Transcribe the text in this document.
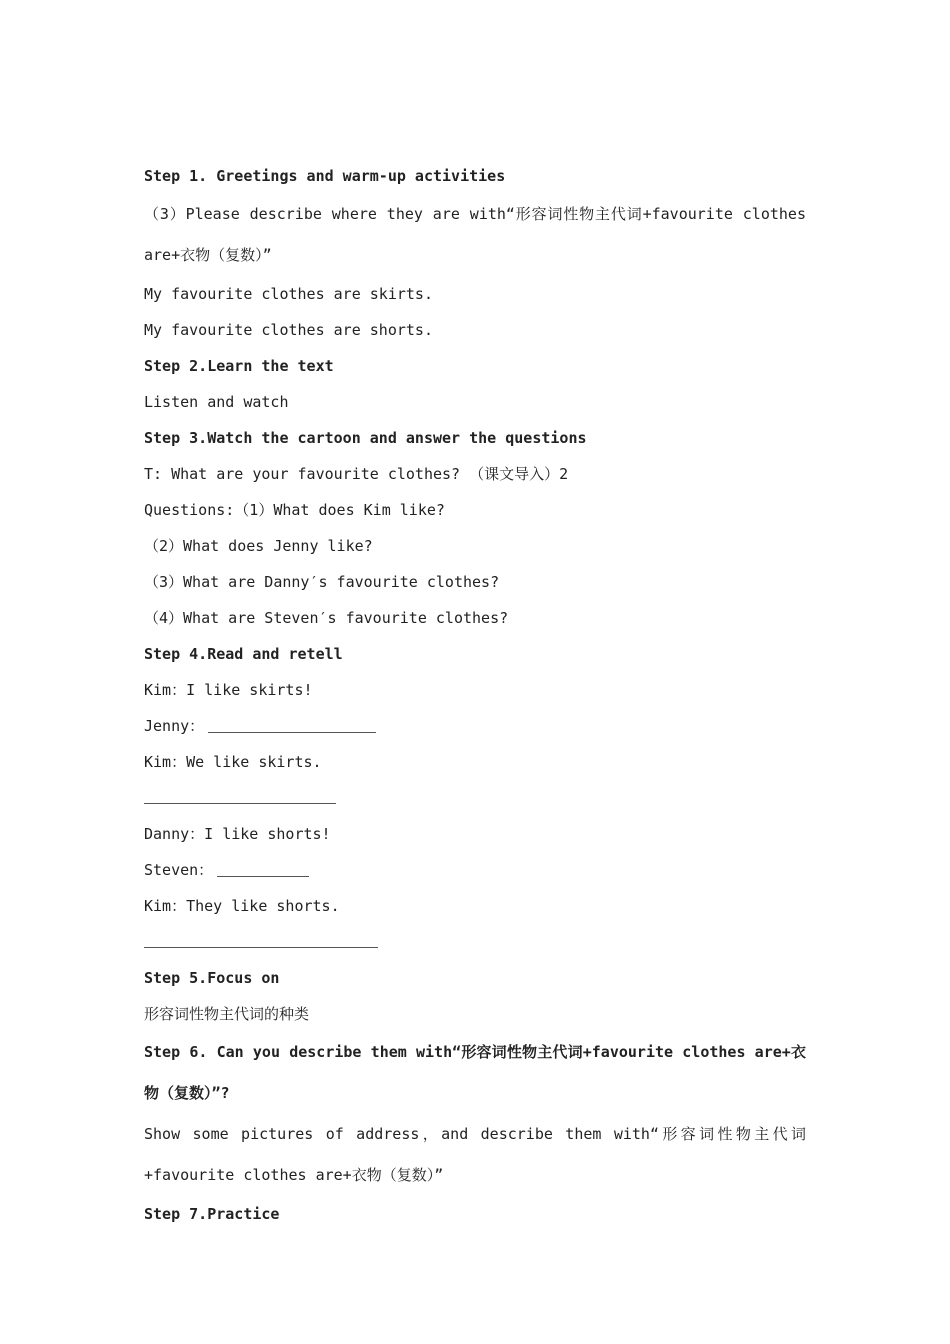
Step 1. Greetings and warm-up activities
（3）Please describe where they are with“形容词性物主代词+favourite clothes are+衣物（复数）”
My favourite clothes are skirts.
My favourite clothes are shorts.
Step 2.Learn the text
Listen and watch
Step 3.Watch the cartoon and answer the questions
T: What are your favourite clothes? （课文导入）2
Questions:（1）What does Kim like?
（2）What does Jenny like?
（3）What are Danny′s favourite clothes?
（4）What are Steven′s favourite clothes?
Step 4.Read and retell
Kim：I like skirts!
Jenny：
Kim：We like skirts.
Danny：I like shorts!
Steven：
Kim：They like shorts.
Step 5.Focus on
形容词性物主代词的种类
Step 6. Can you describe them with“形容词性物主代词+favourite clothes are+衣物（复数）”?
Show some pictures of address，and describe them with“形容词性物主代词+favourite clothes are+衣物（复数）”
Step 7.Practice
